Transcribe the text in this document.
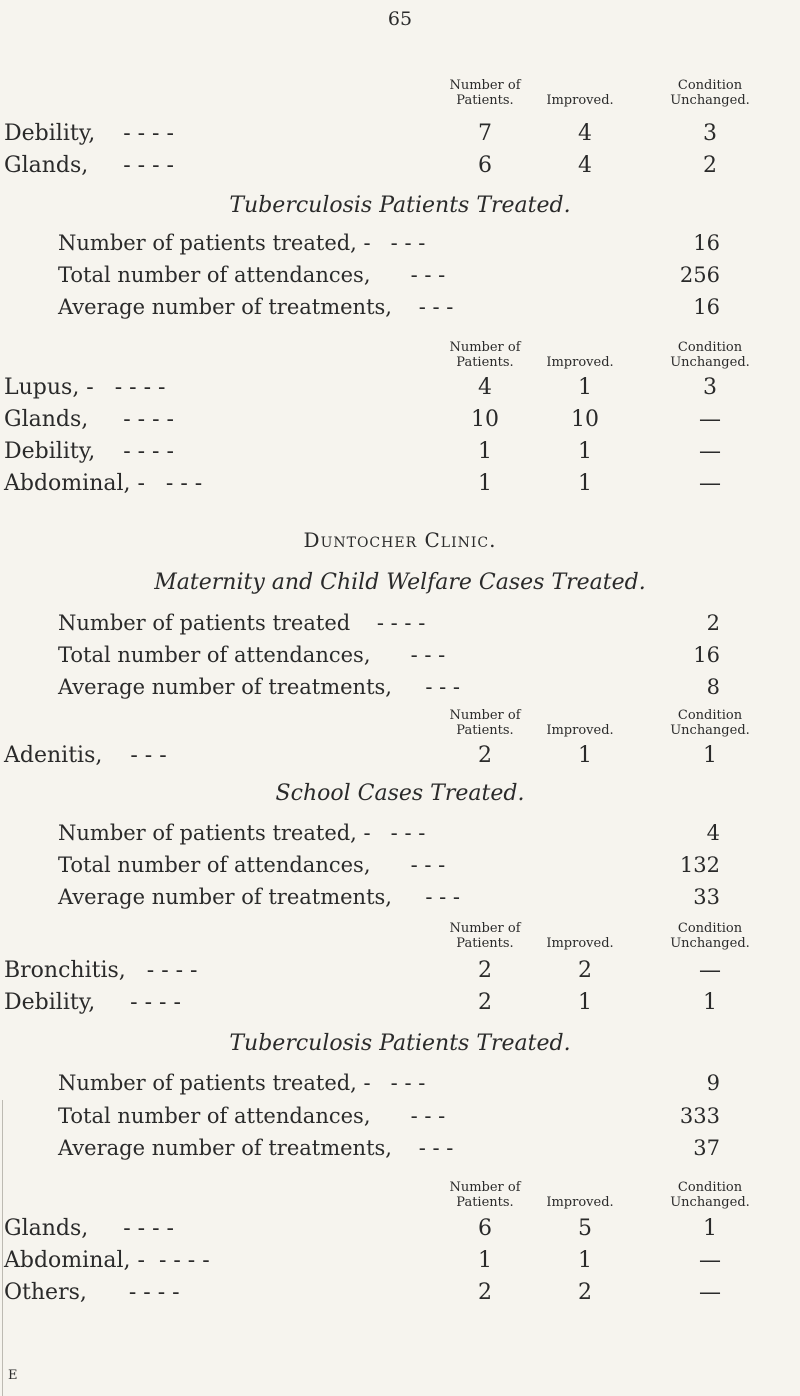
65
Number of
Patients.	Improved.
Condition
Unchanged.
Debility, - - - -	7	4	3
Glands, - - - -	6	4	2
Tuberculosis Patients Treated.
Number of patients treated, - - - -	16
Total number of attendances, - - -	256
Average number of treatments, - - -	16
Number of
Patients.	Improved.
Condition
Unchanged.
Lupus, - - - - -	4	1	3
Glands, - - - -	10	10	—
Debility, - - - -	1	1	—
Abdominal, - - - -	1	1	—
Duntocher Clinic.
Maternity and Child Welfare Cases Treated.
Number of patients treated - - - -	2
Total number of attendances, - - -	16
Average number of treatments, - - -	8
Number of
Patients.	Improved.
Condition
Unchanged.
Adenitis, - - -	2	1	1
School Cases Treated.
Number of patients treated, - - - -	4
Total number of attendances, - - -	132
Average number of treatments, - - -	33
Number of
Patients.	Improved.
Condition
Unchanged.
Bronchitis, - - - -	2	2	—
Debility, - - - -	2	1	1
Tuberculosis Patients Treated.
Number of patients treated, - - - -	9
Total number of attendances, - - -	333
Average number of treatments, - - -	37
Number of
Patients.	Improved.
Condition
Unchanged.
Glands, - - - -	6	5	1
Abdominal, - - - - -	1	1	—
Others, - - - -	2	2	—
E
